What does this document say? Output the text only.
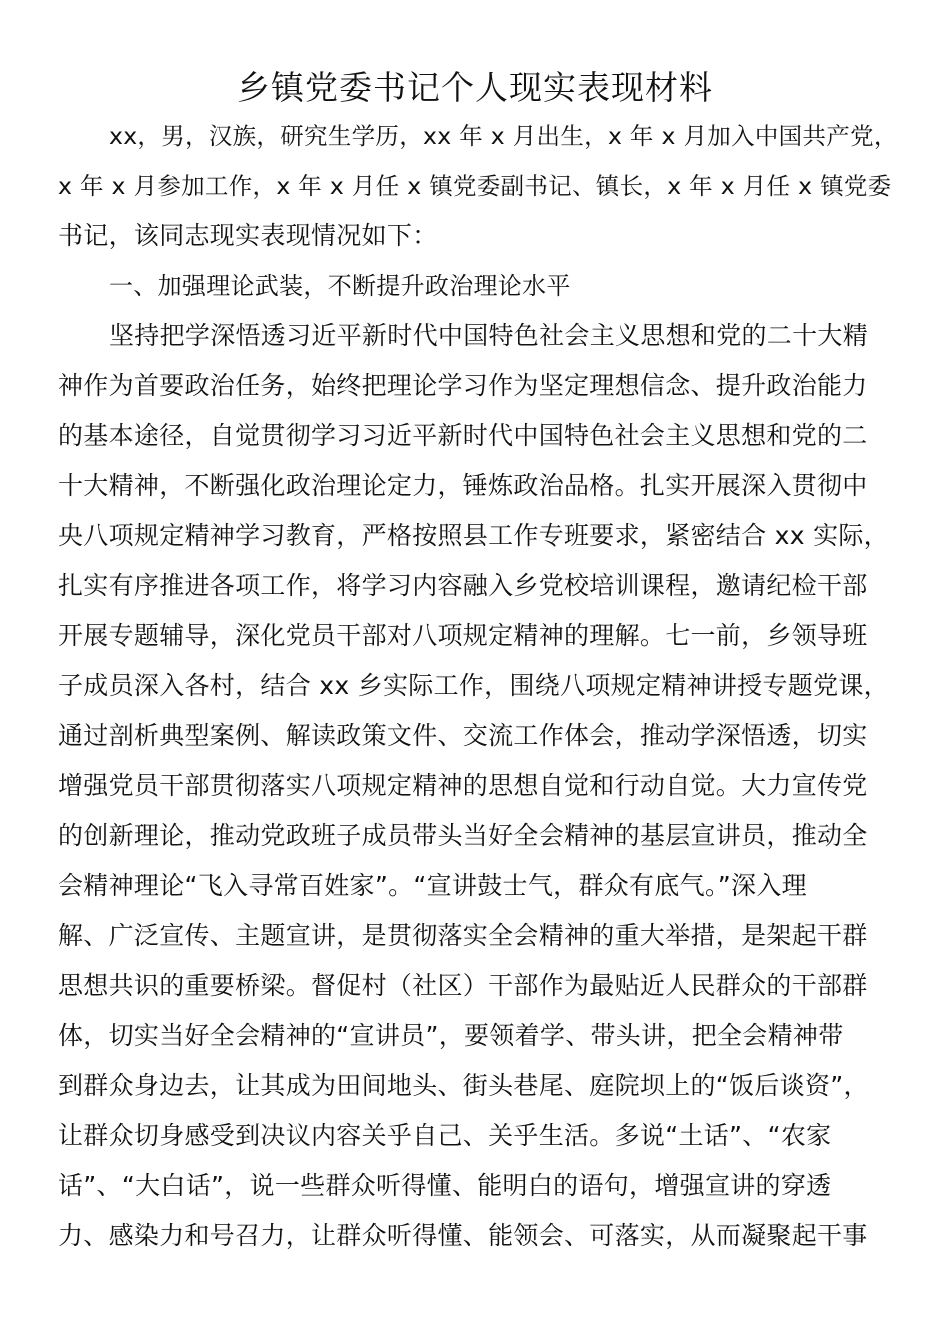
乡镇党委书记个人现实表现材料
xx，男，汉族，研究生学历，xx 年 x 月出生，x 年 x 月加入中国共产党，
x 年 x 月参加工作，x 年 x 月任 x 镇党委副书记、镇长，x 年 x 月任 x 镇党委
书记，该同志现实表现情况如下：
一、加强理论武装，不断提升政治理论水平
坚持把学深悟透习近平新时代中国特色社会主义思想和党的二十大精
神作为首要政治任务，始终把理论学习作为坚定理想信念、提升政治能力
的基本途径，自觉贯彻学习习近平新时代中国特色社会主义思想和党的二
十大精神，不断强化政治理论定力，锤炼政治品格。扎实开展深入贯彻中
央八项规定精神学习教育，严格按照县工作专班要求，紧密结合 xx 实际，
扎实有序推进各项工作，将学习内容融入乡党校培训课程，邀请纪检干部
开展专题辅导，深化党员干部对八项规定精神的理解。七一前，乡领导班
子成员深入各村，结合 xx 乡实际工作，围绕八项规定精神讲授专题党课，
通过剖析典型案例、解读政策文件、交流工作体会，推动学深悟透，切实
增强党员干部贯彻落实八项规定精神的思想自觉和行动自觉。大力宣传党
的创新理论，推动党政班子成员带头当好全会精神的基层宣讲员，推动全
会精神理论“飞入寻常百姓家”。“宣讲鼓士气，群众有底气。”深入理
解、广泛宣传、主题宣讲，是贯彻落实全会精神的重大举措，是架起干群
思想共识的重要桥梁。督促村（社区）干部作为最贴近人民群众的干部群
体，切实当好全会精神的“宣讲员”，要领着学、带头讲，把全会精神带
到群众身边去，让其成为田间地头、街头巷尾、庭院坝上的“饭后谈资”，
让群众切身感受到决议内容关乎自己、关乎生活。多说“土话”、“农家
话”、“大白话”，说一些群众听得懂、能明白的语句，增强宣讲的穿透
力、感染力和号召力，让群众听得懂、能领会、可落实，从而凝聚起干事
